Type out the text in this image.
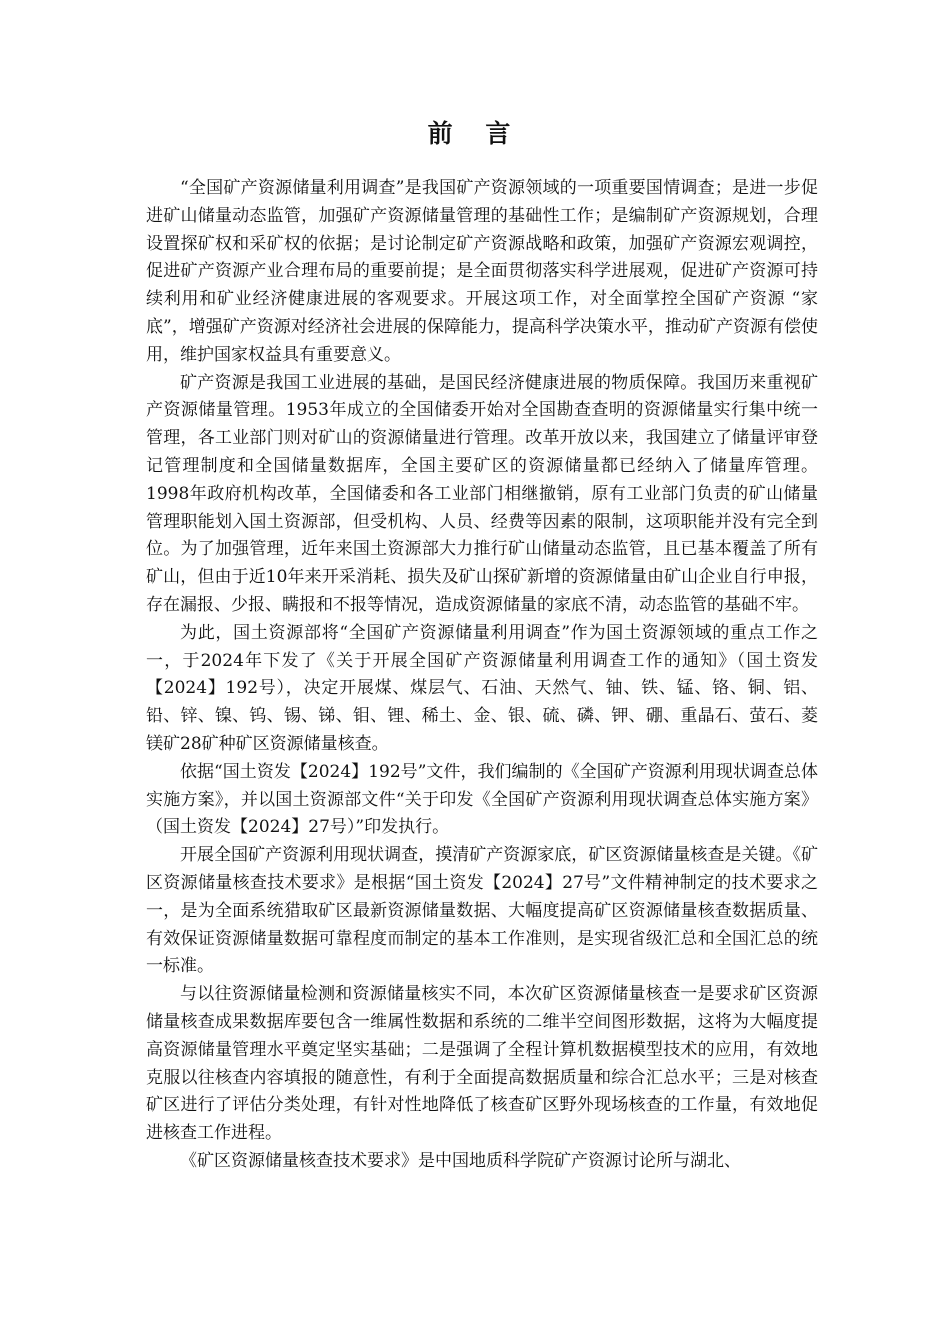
前 言

“全国矿产资源储量利用调查”是我国矿产资源领域的一项重要国情调查；是进一步促进矿山储量动态监管，加强矿产资源储量管理的基础性工作；是编制矿产资源规划，合理设置探矿权和采矿权的依据；是讨论制定矿产资源战略和政策，加强矿产资源宏观调控，促进矿产资源产业合理布局的重要前提；是全面贯彻落实科学进展观，促进矿产资源可持续利用和矿业经济健康进展的客观要求。开展这项工作，对全面掌控全国矿产资源 “家底”，增强矿产资源对经济社会进展的保障能力，提高科学决策水平，推动矿产资源有偿使用，维护国家权益具有重要意义。

矿产资源是我国工业进展的基础，是国民经济健康进展的物质保障。我国历来重视矿产资源储量管理。1953年成立的全国储委开始对全国勘查查明的资源储量实行集中统一管理，各工业部门则对矿山的资源储量进行管理。改革开放以来，我国建立了储量评审登记管理制度和全国储量数据库，全国主要矿区的资源储量都已经纳入了储量库管理。1998年政府机构改革，全国储委和各工业部门相继撤销，原有工业部门负责的矿山储量管理职能划入国土资源部，但受机构、人员、经费等因素的限制，这项职能并没有完全到位。为了加强管理，近年来国土资源部大力推行矿山储量动态监管，且已基本覆盖了所有矿山，但由于近10年来开采消耗、损失及矿山探矿新增的资源储量由矿山企业自行申报，存在漏报、少报、瞒报和不报等情况，造成资源储量的家底不清，动态监管的基础不牢。

为此，国土资源部将“全国矿产资源储量利用调查”作为国土资源领域的重点工作之一，于2024年下发了《关于开展全国矿产资源储量利用调查工作的通知》（国土资发【2024】192号），决定开展煤、煤层气、石油、天然气、铀、铁、锰、铬、铜、铝、铅、锌、镍、钨、锡、锑、钼、锂、稀土、金、银、硫、磷、钾、硼、重晶石、萤石、菱镁矿28矿种矿区资源储量核查。

依据“国土资发【2024】192号”文件，我们编制的《全国矿产资源利用现状调查总体实施方案》，并以国土资源部文件“关于印发《全国矿产资源利用现状调查总体实施方案》（国土资发【2024】27号）”印发执行。

开展全国矿产资源利用现状调查，摸清矿产资源家底，矿区资源储量核查是关键。《矿区资源储量核查技术要求》是根据“国土资发【2024】27号”文件精神制定的技术要求之一，是为全面系统猎取矿区最新资源储量数据、大幅度提高矿区资源储量核查数据质量、有效保证资源储量数据可靠程度而制定的基本工作准则，是实现省级汇总和全国汇总的统一标准。

与以往资源储量检测和资源储量核实不同，本次矿区资源储量核查一是要求矿区资源储量核查成果数据库要包含一维属性数据和系统的二维半空间图形数据，这将为大幅度提高资源储量管理水平奠定坚实基础；二是强调了全程计算机数据模型技术的应用，有效地克服以往核查内容填报的随意性，有利于全面提高数据质量和综合汇总水平；三是对核查矿区进行了评估分类处理，有针对性地降低了核查矿区野外现场核查的工作量，有效地促进核查工作进程。

《矿区资源储量核查技术要求》是中国地质科学院矿产资源讨论所与湖北、
